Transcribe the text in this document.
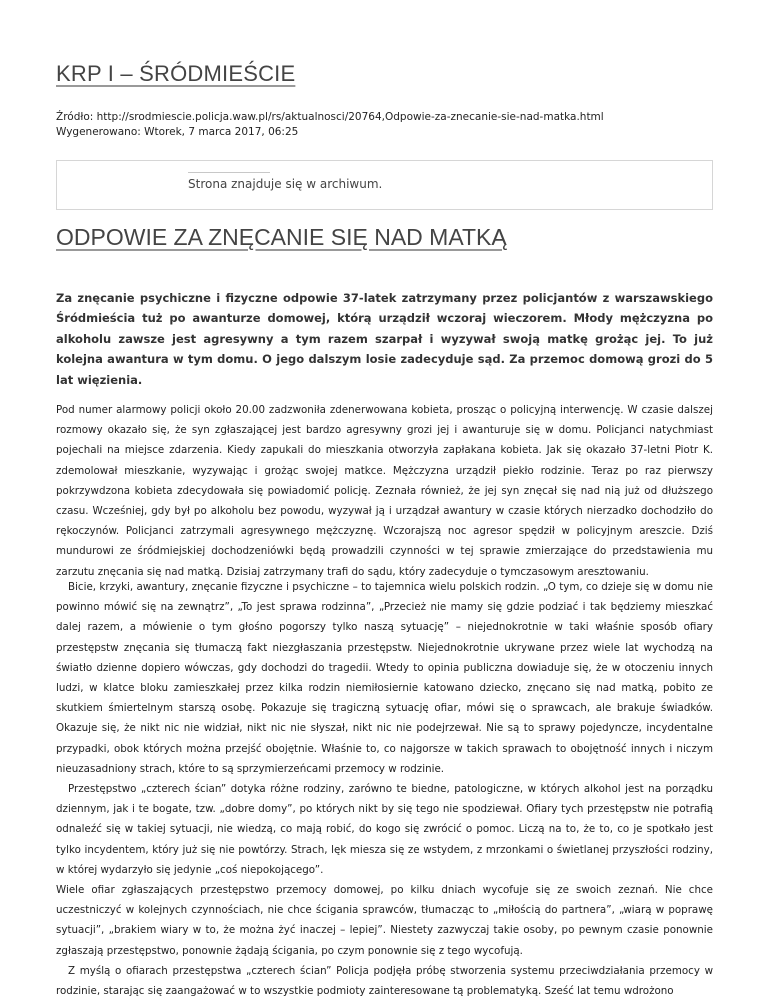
KRP I – ŚRÓDMIEŚCIE
Źródło: http://srodmiescie.policja.waw.pl/rs/aktualnosci/20764,Odpowie-za-znecanie-sie-nad-matka.html
Wygenerowano: Wtorek, 7 marca 2017, 06:25
Strona znajduje się w archiwum.
ODPOWIE ZA ZNĘCANIE SIĘ NAD MATKĄ

Za znęcanie psychiczne i fizyczne odpowie 37-latek zatrzymany przez policjantów z warszawskiego Śródmieścia tuż po awanturze domowej, którą urządził wczoraj wieczorem. Młody mężczyzna po alkoholu zawsze jest agresywny a tym razem szarpał i wyzywał swoją matkę grożąc jej. To już kolejna awantura w tym domu. O jego dalszym losie zadecyduje sąd. Za przemoc domową grozi do 5 lat więzienia.

Pod numer alarmowy policji około 20.00 zadzwoniła zdenerwowana kobieta, prosząc o policyjną interwencję. W czasie dalszej rozmowy okazało się, że syn zgłaszającej jest bardzo agresywny grozi jej i awanturuje się w domu. Policjanci natychmiast pojechali na miejsce zdarzenia. Kiedy zapukali do mieszkania otworzyła zapłakana kobieta. Jak się okazało 37-letni Piotr K. zdemolował mieszkanie, wyzywając i grożąc swojej matkce. Mężczyzna urządził piekło rodzinie. Teraz po raz pierwszy pokrzywdzona kobieta zdecydowała się powiadomić policję. Zeznała również, że jej syn znęcał się nad nią już od dłuższego czasu. Wcześniej, gdy był po alkoholu bez powodu, wyzywał ją i urządzał awantury w czasie których nierzadko dochodziło do rękoczynów. Policjanci zatrzymali agresywnego mężczyznę. Wczorajszą noc agresor spędził w policyjnym areszcie. Dziś mundurowi ze śródmiejskiej dochodzeniówki będą prowadzili czynności w tej sprawie zmierzające do przedstawienia mu zarzutu znęcania się nad matką. Dzisiaj zatrzymany trafi do sądu, który zadecyduje o tymczasowym aresztowaniu.

Bicie, krzyki, awantury, znęcanie fizyczne i psychiczne – to tajemnica wielu polskich rodzin. „O tym, co dzieje się w domu nie powinno mówić się na zewnątrz”, „To jest sprawa rodzinna”, „Przecież nie mamy się gdzie podziać i tak będziemy mieszkać dalej razem, a mówienie o tym głośno pogorszy tylko naszą sytuację” – niejednokrotnie w taki właśnie sposób ofiary przestępstw znęcania się tłumaczą fakt niezgłaszania przestępstw. Niejednokrotnie ukrywane przez wiele lat wychodzą na światło dzienne dopiero wówczas, gdy dochodzi do tragedii. Wtedy to opinia publiczna dowiaduje się, że w otoczeniu innych ludzi, w klatce bloku zamieszkałej przez kilka rodzin niemiłosiernie katowano dziecko, znęcano się nad matką, pobito ze skutkiem śmiertelnym starszą osobę. Pokazuje się tragiczną sytuację ofiar, mówi się o sprawcach, ale brakuje świadków. Okazuje się, że nikt nic nie widział, nikt nic nie słyszał, nikt nic nie podejrzewał. Nie są to sprawy pojedyncze, incydentalne przypadki, obok których można przejść obojętnie. Właśnie to, co najgorsze w takich sprawach to obojętność innych i niczym nieuzasadniony strach, które to są sprzymierzeńcami przemocy w rodzinie.

Przestępstwo „czterech ścian” dotyka różne rodziny, zarówno te biedne, patologiczne, w których alkohol jest na porządku dziennym, jak i te bogate, tzw. „dobre domy”, po których nikt by się tego nie spodziewał. Ofiary tych przestępstw nie potrafią odnaleźć się w takiej sytuacji, nie wiedzą, co mają robić, do kogo się zwrócić o pomoc. Liczą na to, że to, co je spotkało jest tylko incydentem, który już się nie powtórzy. Strach, lęk miesza się ze wstydem, z mrzonkami o świetlanej przyszłości rodziny, w której wydarzyło się jedynie „coś niepokojącego”.

Wiele ofiar zgłaszających przestępstwo przemocy domowej, po kilku dniach wycofuje się ze swoich zeznań. Nie chce uczestniczyć w kolejnych czynnościach, nie chce ścigania sprawców, tłumacząc to „miłością do partnera”, „wiarą w poprawę sytuacji”, „brakiem wiary w to, że można żyć inaczej – lepiej”. Niestety zazwyczaj takie osoby, po pewnym czasie ponownie zgłaszają przestępstwo, ponownie żądają ścigania, po czym ponownie się z tego wycofują.

Z myślą o ofiarach przestępstwa „czterech ścian” Policja podjęła próbę stworzenia systemu przeciwdziałania przemocy w rodzinie, starając się zaangażować w to wszystkie podmioty zainteresowane tą problematyką. Sześć lat temu wdrożono
